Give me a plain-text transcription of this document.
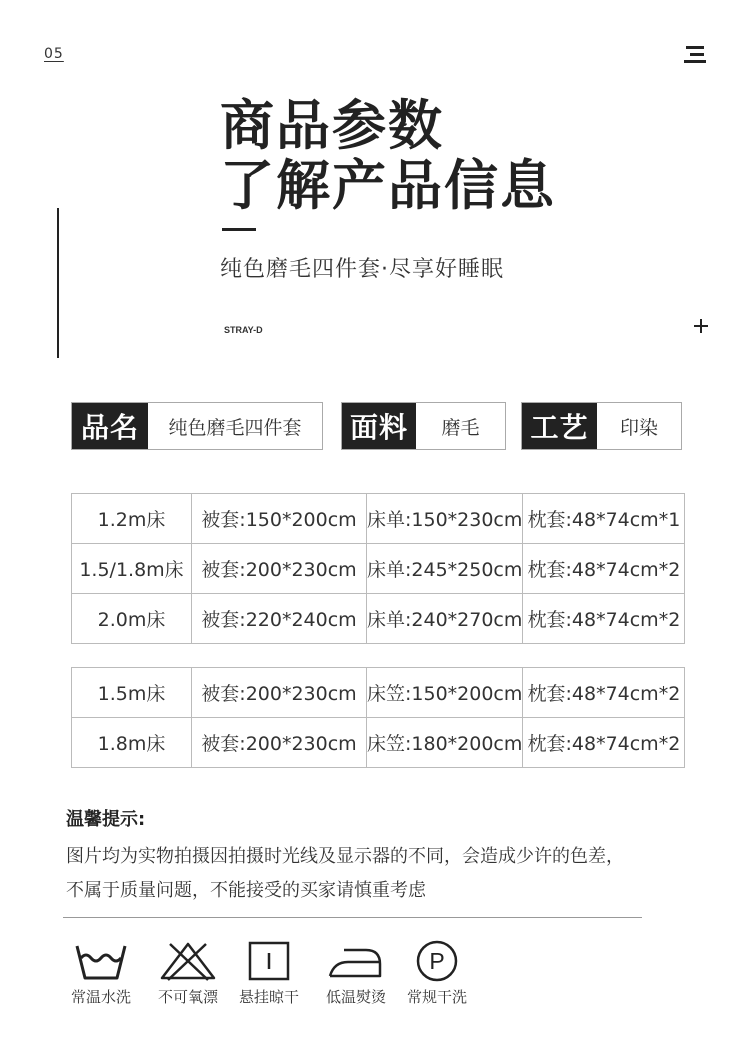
05
商品参数
了解产品信息
纯色磨毛四件套·尽享好睡眠
STRAY-D
品名	纯色磨毛四件套	面料	磨毛	工艺	印染
1.2m床	被套:150*200cm	床单:150*230cm	枕套:48*74cm*1
1.5/1.8m床	被套:200*230cm	床单:245*250cm	枕套:48*74cm*2
2.0m床	被套:220*240cm	床单:240*270cm	枕套:48*74cm*2
1.5m床	被套:200*230cm	床笠:150*200cm	枕套:48*74cm*2
1.8m床	被套:200*230cm	床笠:180*200cm	枕套:48*74cm*2
温馨提示:
图片均为实物拍摄因拍摄时光线及显示器的不同，会造成少许的色差，
不属于质量问题，不能接受的买家请慎重考虑
常温水洗	不可氧漂	悬挂晾干	低温熨烫
P
常规干洗
